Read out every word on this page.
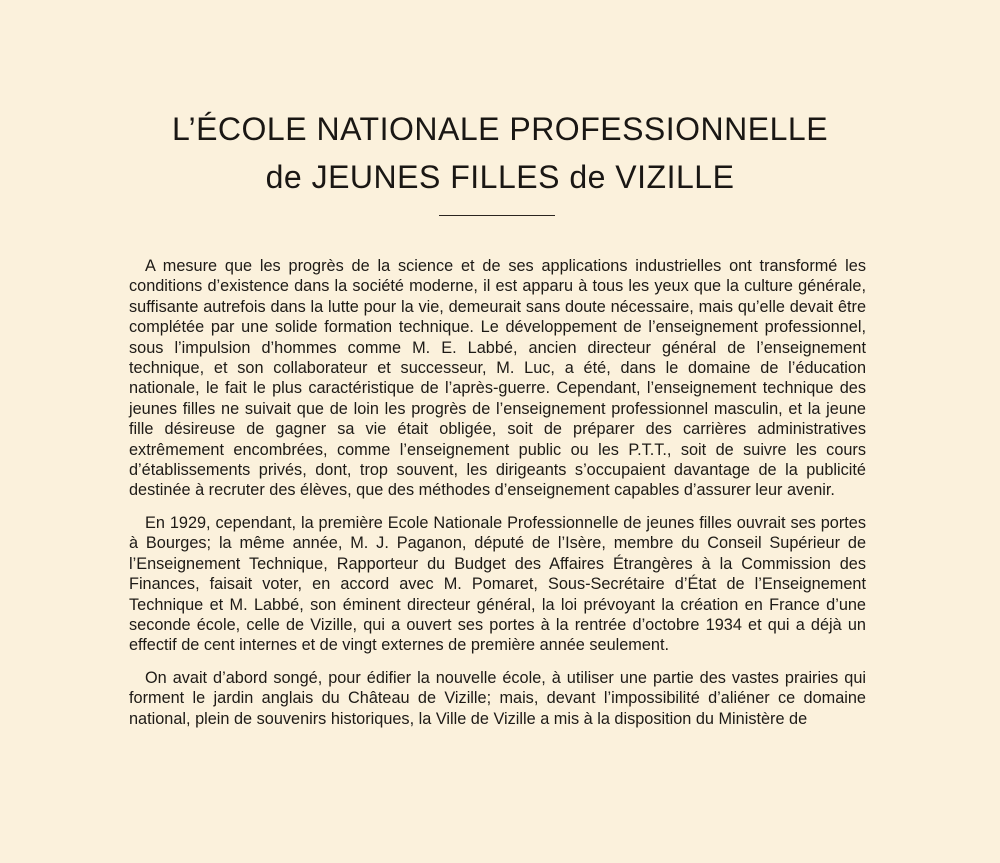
L’ÉCOLE NATIONALE PROFESSIONNELLE
de JEUNES FILLES de VIZILLE

A mesure que les progrès de la science et de ses applications industrielles ont transformé les conditions d’existence dans la société moderne, il est apparu à tous les yeux que la culture générale, suffisante autrefois dans la lutte pour la vie, demeurait sans doute nécessaire, mais qu’elle devait être complétée par une solide formation technique. Le développement de l’enseignement professionnel, sous l’impulsion d’hommes comme M. E. Labbé, ancien directeur général de l’enseignement technique, et son collaborateur et successeur, M. Luc, a été, dans le domaine de l’éducation nationale, le fait le plus caractéristique de l’après-guerre. Cependant, l’enseignement technique des jeunes filles ne suivait que de loin les progrès de l’enseignement professionnel masculin, et la jeune fille désireuse de gagner sa vie était obligée, soit de préparer des carrières administratives extrêmement encombrées, comme l’enseignement public ou les P.T.T., soit de suivre les cours d’établissements privés, dont, trop souvent, les dirigeants s’occupaient davantage de la publicité destinée à recruter des élèves, que des méthodes d’enseignement capables d’assurer leur avenir.

En 1929, cependant, la première Ecole Nationale Professionnelle de jeunes filles ouvrait ses portes à Bourges; la même année, M. J. Paganon, député de l’Isère, membre du Conseil Supérieur de l’Enseignement Technique, Rapporteur du Budget des Affaires Étrangères à la Commission des Finances, faisait voter, en accord avec M. Pomaret, Sous-Secrétaire d’État de l’Enseignement Technique et M. Labbé, son éminent directeur général, la loi prévoyant la création en France d’une seconde école, celle de Vizille, qui a ouvert ses portes à la rentrée d’octobre 1934 et qui a déjà un effectif de cent internes et de vingt externes de première année seulement.

On avait d’abord songé, pour édifier la nouvelle école, à utiliser une partie des vastes prairies qui forment le jardin anglais du Château de Vizille; mais, devant l’impossibilité d’aliéner ce domaine national, plein de souvenirs historiques, la Ville de Vizille a mis à la disposition du Ministère de
